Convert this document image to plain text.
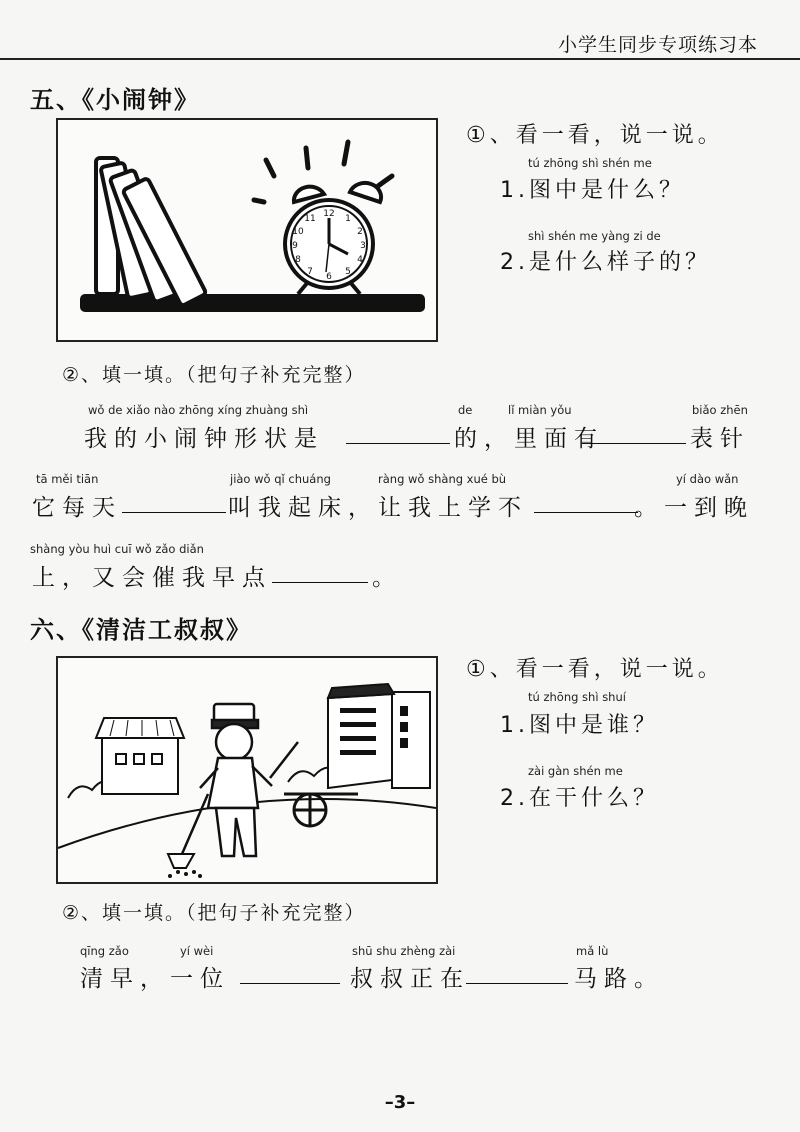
小学生同步专项练习本
五、《小闹钟》
12 1
2
3
4
5
6
7
8
9
10
11
①、看一看，说一说。
tú zhōng shì shén me
1.图中是什么？
shì shén me yàng zi de
2.是什么样子的？
②、填一填。（把句子补充完整）
wǒ de xiǎo nào zhōng xíng zhuàng shì	de	lǐ miàn yǒu	biǎo zhēn
我的小闹钟形状是	的，里面有	表针
tā měi tiān	jiào wǒ qǐ chuáng	ràng wǒ shàng xué bù	yí dào wǎn
它每天	叫我起床，让我上学不	。一到晚
shàng yòu huì cuī wǒ zǎo diǎn
上，又会催我早点	。
六、《清洁工叔叔》
①、看一看，说一说。
tú zhōng shì shuí
1.图中是谁？
zài gàn shén me
2.在干什么？
②、填一填。（把句子补充完整）
qīng zǎo	yí wèi	shū shu zhèng zài	mǎ lù
清早，一位	叔叔正在	马路。
–3–
